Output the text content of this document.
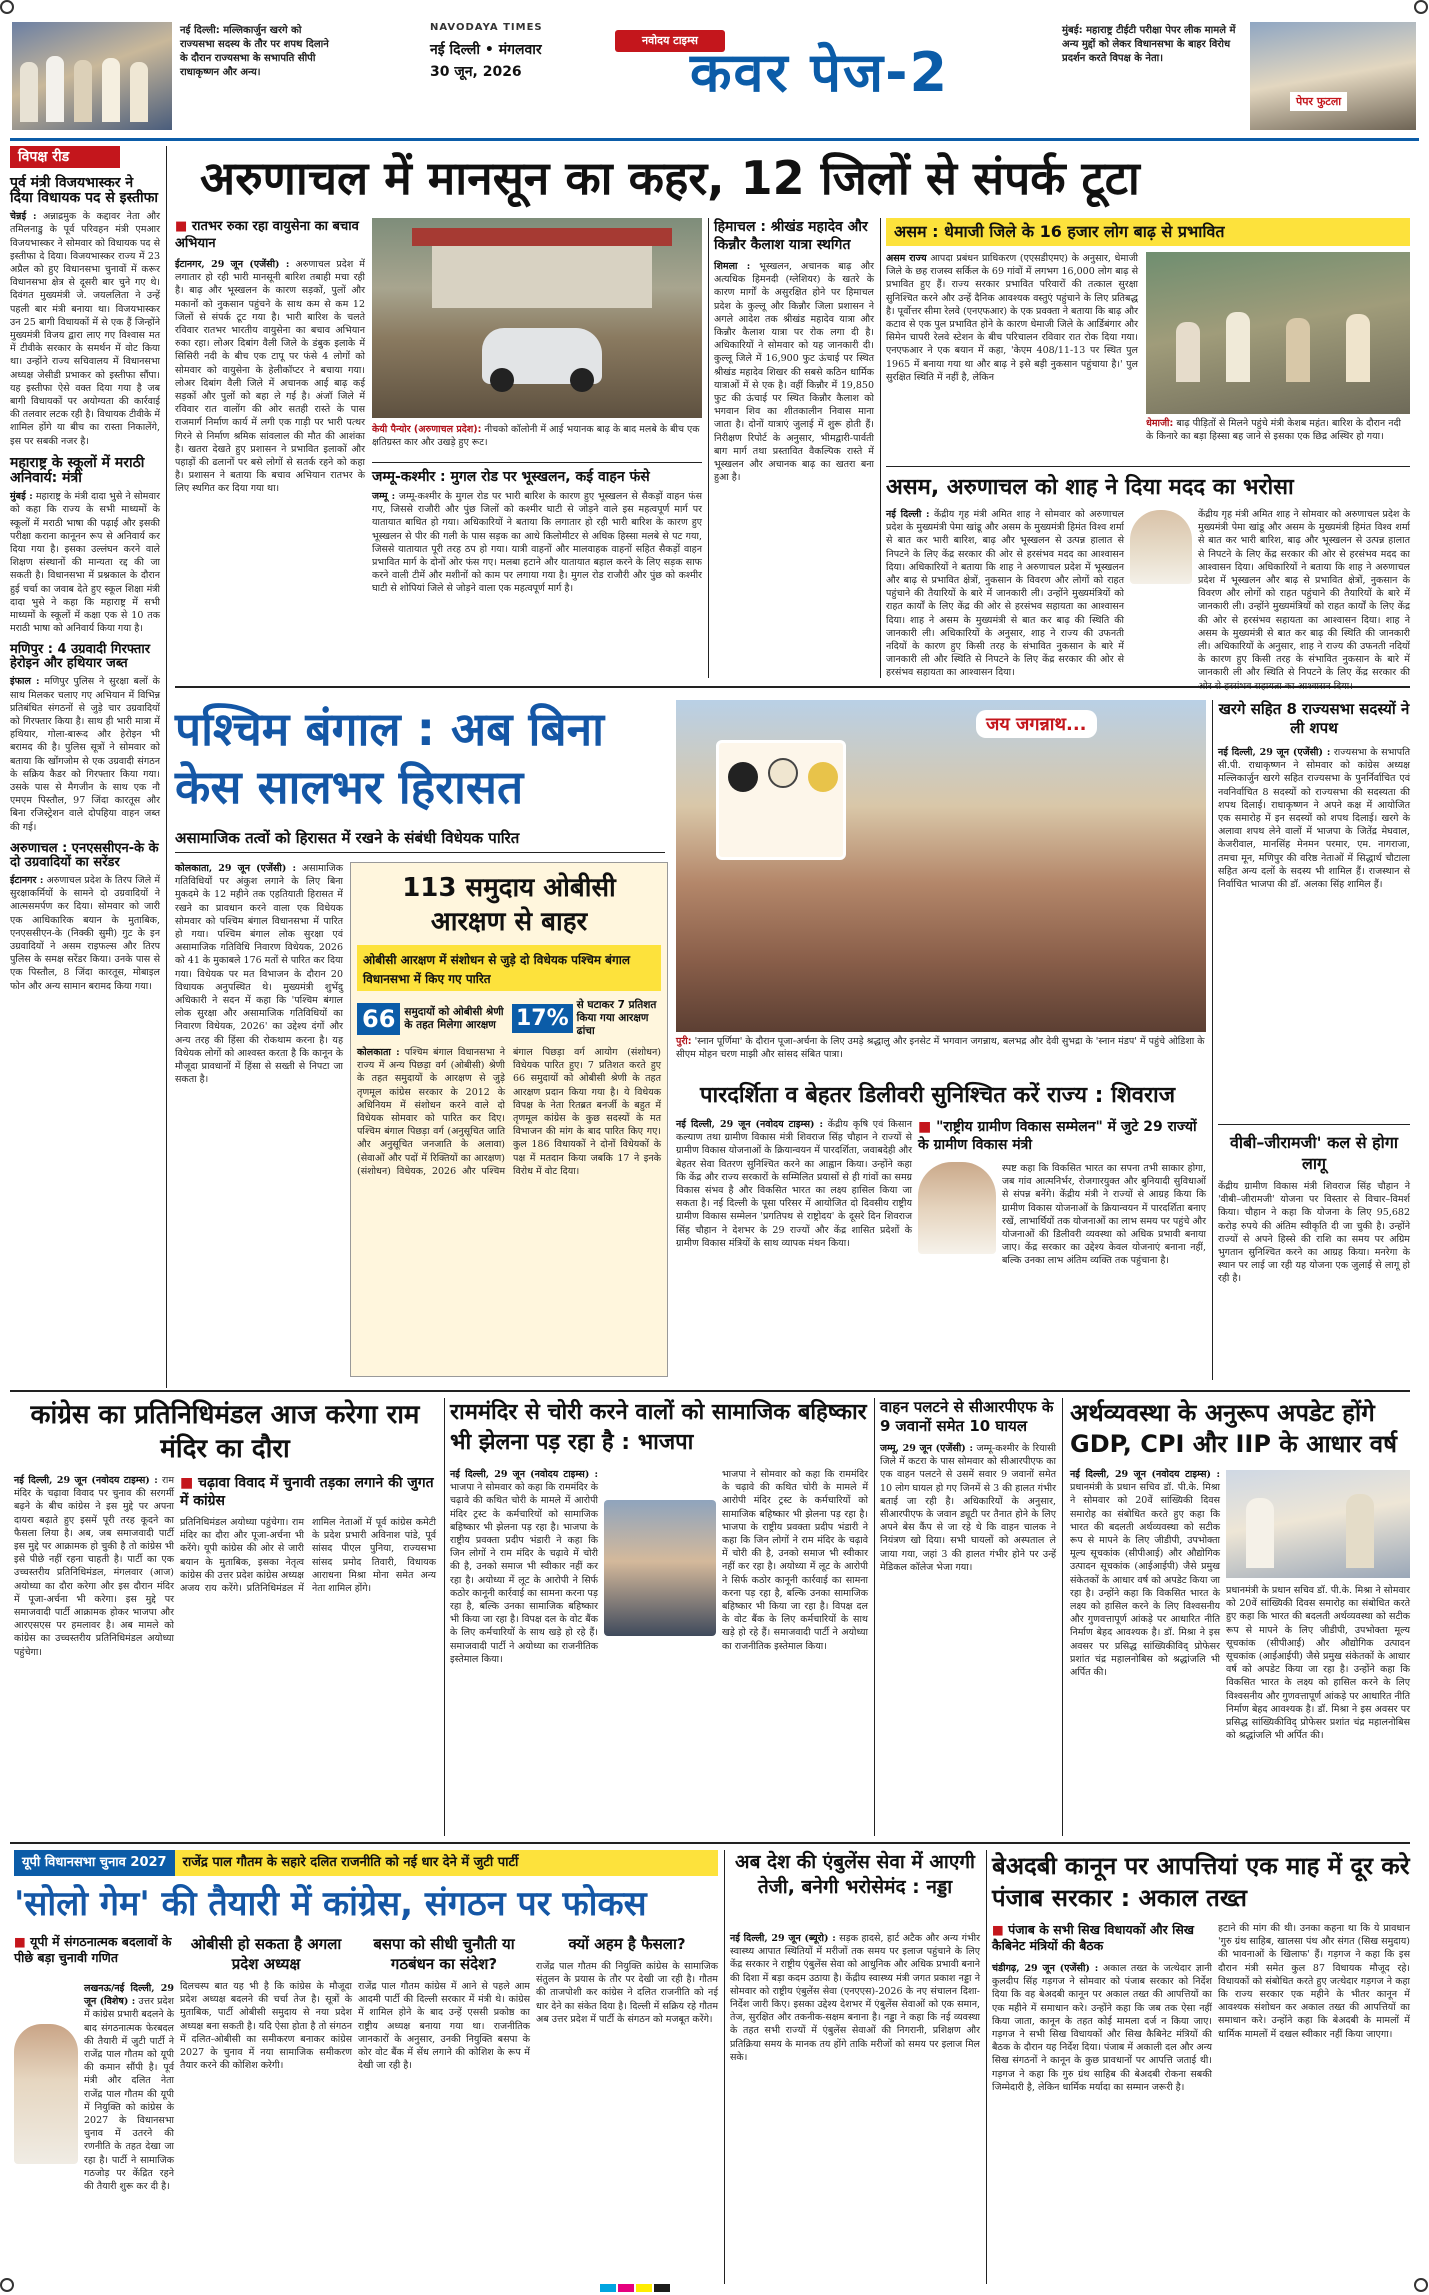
नई दिल्ली: मल्लिकार्जुन खरगे को राज्यसभा सदस्य के तौर पर शपथ दिलाने के दौरान राज्यसभा के सभापति सीपी राधाकृष्णन और अन्य।
NAVODAYA TIMES
नई दिल्ली • मंगलवार
30 जून, 2026
नवोदय टाइम्स
कवर पेज-2
मुंबई: महाराष्ट्र टीईटी परीक्षा पेपर लीक मामले में अन्य मुद्दों को लेकर विधानसभा के बाहर विरोध प्रदर्शन करते विपक्ष के नेता।
पेपर फुटला
विपक्ष रीड
पूर्व मंत्री विजयभास्कर ने दिया विधायक पद से इस्तीफा
चेन्नई : अन्नाद्रमुक के कद्दावर नेता और तमिलनाडु के पूर्व परिवहन मंत्री एमआर विजयभास्कर ने सोमवार को विधायक पद से इस्तीफा दे दिया। विजयभास्कर राज्य में 23 अप्रैल को हुए विधानसभा चुनावों में करूर विधानसभा क्षेत्र से दूसरी बार चुने गए थे। दिवंगत मुख्यमंत्री जे. जयललिता ने उन्हें पहली बार मंत्री बनाया था। विजयभास्कर उन 25 बागी विधायकों में से एक हैं जिन्होंने मुख्यमंत्री विजय द्वारा लाए गए विश्वास मत में टीवीके सरकार के समर्थन में वोट किया था। उन्होंने राज्य सचिवालय में विधानसभा अध्यक्ष जेसीडी प्रभाकर को इस्तीफा सौंपा। यह इस्तीफा ऐसे वक्त दिया गया है जब बागी विधायकों पर अयोग्यता की कार्रवाई की तलवार लटक रही है। विधायक टीवीके में शामिल होंगे या बीच का रास्ता निकालेंगे, इस पर सबकी नजर है।
महाराष्ट्र के स्कूलों में मराठी अनिवार्य: मंत्री
मुंबई : महाराष्ट्र के मंत्री दादा भुसे ने सोमवार को कहा कि राज्य के सभी माध्यमों के स्कूलों में मराठी भाषा की पढ़ाई और इसकी परीक्षा कराना कानूनन रूप से अनिवार्य कर दिया गया है। इसका उल्लंघन करने वाले शिक्षण संस्थानों की मान्यता रद्द की जा सकती है। विधानसभा में प्रश्नकाल के दौरान हुई चर्चा का जवाब देते हुए स्कूल शिक्षा मंत्री दादा भुसे ने कहा कि महाराष्ट्र में सभी माध्यमों के स्कूलों में कक्षा एक से 10 तक मराठी भाषा को अनिवार्य किया गया है।
मणिपुर : 4 उग्रवादी गिरफ्तार हेरोइन और हथियार जब्त
इंफाल : मणिपुर पुलिस ने सुरक्षा बलों के साथ मिलकर चलाए गए अभियान में विभिन्न प्रतिबंधित संगठनों से जुड़े चार उग्रवादियों को गिरफ्तार किया है। साथ ही भारी मात्रा में हथियार, गोला-बारूद और हेरोइन भी बरामद की है। पुलिस सूत्रों ने सोमवार को बताया कि खोंगजोम से एक उग्रवादी संगठन के सक्रिय कैडर को गिरफ्तार किया गया। उसके पास से मैगजीन के साथ एक नौ एमएम पिस्तौल, 97 जिंदा कारतूस और बिना रजिस्ट्रेशन वाले दोपहिया वाहन जब्त की गई।
अरुणाचल : एनएससीएन-के के दो उग्रवादियों का सरेंडर
ईटानगर : अरुणाचल प्रदेश के तिरप जिले में सुरक्षाकर्मियों के सामने दो उग्रवादियों ने आत्मसमर्पण कर दिया। सोमवार को जारी एक आधिकारिक बयान के मुताबिक, एनएससीएन-के (निक्की सुमी) गुट के इन उग्रवादियों ने असम राइफल्स और तिरप पुलिस के समक्ष सरेंडर किया। उनके पास से एक पिस्तौल, 8 जिंदा कारतूस, मोबाइल फोन और अन्य सामान बरामद किया गया।
अरुणाचल में मानसून का कहर, 12 जिलों से संपर्क टूटा
■ रातभर रुका रहा वायुसेना का बचाव अभियान
ईटानगर, 29 जून (एजेंसी) : अरुणाचल प्रदेश में लगातार हो रही भारी मानसूनी बारिश तबाही मचा रही है। बाढ़ और भूस्खलन के कारण सड़कों, पुलों और मकानों को नुकसान पहुंचने के साथ कम से कम 12 जिलों से संपर्क टूट गया है। भारी बारिश के चलते रविवार रातभर भारतीय वायुसेना का बचाव अभियान रुका रहा। लोअर दिबांग वैली जिले के डंबुक इलाके में सिसिरी नदी के बीच एक टापू पर फंसे 4 लोगों को सोमवार को वायुसेना के हेलीकॉप्टर ने बचाया गया। लोअर दिबांग वैली जिले में अचानक आई बाढ़ कई सड़कों और पुलों को बहा ले गई है। अंजॉ जिले में रविवार रात वालोंग की ओर सतही रास्ते के पास राजमार्ग निर्माण कार्य में लगी एक गाड़ी पर भारी पत्थर गिरने से निर्माण श्रमिक सांवलाल की मौत की आशंका है। खतरा देखते हुए प्रशासन ने प्रभावित इलाकों और पहाड़ों की ढलानों पर बसे लोगों से सतर्क रहने को कहा है। प्रशासन ने बताया कि बचाव अभियान रातभर के लिए स्थगित कर दिया गया था।
केयी पैन्योर (अरुणाचल प्रदेश): नीचको कॉलोनी में आई भयानक बाढ़ के बाद मलबे के बीच एक क्षतिग्रस्त कार और उखड़े हुए रूट।
जम्मू-कश्मीर : मुगल रोड पर भूस्खलन, कई वाहन फंसे
जम्मू : जम्मू-कश्मीर के मुगल रोड पर भारी बारिश के कारण हुए भूस्खलन से सैकड़ों वाहन फंस गए, जिससे राजौरी और पुंछ जिलों को कश्मीर घाटी से जोड़ने वाले इस महत्वपूर्ण मार्ग पर यातायात बाधित हो गया। अधिकारियों ने बताया कि लगातार हो रही भारी बारिश के कारण हुए भूस्खलन से पीर की गली के पास सड़क का आधे किलोमीटर से अधिक हिस्सा मलबे से पट गया, जिससे यातायात पूरी तरह ठप हो गया। यात्री वाहनों और मालवाहक वाहनों सहित सैकड़ों वाहन प्रभावित मार्ग के दोनों ओर फंस गए। मलबा हटाने और यातायात बहाल करने के लिए सड़क साफ करने वाली टीमें और मशीनों को काम पर लगाया गया है। मुगल रोड राजौरी और पुंछ को कश्मीर घाटी से शोपियां जिले से जोड़ने वाला एक महत्वपूर्ण मार्ग है।
हिमाचल : श्रीखंड महादेव और किन्नौर कैलाश यात्रा स्थगित
शिमला : भूस्खलन, अचानक बाढ़ और अत्यधिक हिमनदी (ग्लेशियर) के खतरे के कारण मार्गों के असुरक्षित होने पर हिमाचल प्रदेश के कुल्लू और किन्नौर जिला प्रशासन ने अगले आदेश तक श्रीखंड महादेव यात्रा और किन्नौर कैलाश यात्रा पर रोक लगा दी है। अधिकारियों ने सोमवार को यह जानकारी दी। कुल्लू जिले में 16,900 फुट ऊंचाई पर स्थित श्रीखंड महादेव शिखर की सबसे कठिन धार्मिक यात्राओं में से एक है। वहीं किन्नौर में 19,850 फुट की ऊंचाई पर स्थित किन्नौर कैलाश को भगवान शिव का शीतकालीन निवास माना जाता है। दोनों यात्राएं जुलाई में शुरू होती हैं। निरीक्षण रिपोर्ट के अनुसार, भीमद्वारी-पार्वती बाग मार्ग तथा प्रस्तावित वैकल्पिक रास्ते में भूस्खलन और अचानक बाढ़ का खतरा बना हुआ है।
असम : धेमाजी जिले के 16 हजार लोग बाढ़ से प्रभावित
असम राज्य आपदा प्रबंधन प्राधिकरण (एएसडीएमए) के अनुसार, धेमाजी जिले के छह राजस्व सर्किल के 69 गांवों में लगभग 16,000 लोग बाढ़ से प्रभावित हुए हैं। राज्य सरकार प्रभावित परिवारों की तत्काल सुरक्षा सुनिश्चित करने और उन्हें दैनिक आवश्यक वस्तुएं पहुंचाने के लिए प्रतिबद्ध है। पूर्वोत्तर सीमा रेलवे (एनएफआर) के एक प्रवक्ता ने बताया कि बाढ़ और कटाव से एक पुल प्रभावित होने के कारण धेमाजी जिले के आर्डिबंगार और सिमेन चापरी रेलवे स्टेशन के बीच परिचालन रविवार रात रोक दिया गया। एनएफआर ने एक बयान में कहा, 'केएम 408/11-13 पर स्थित पुल 1965 में बनाया गया था और बाढ़ ने इसे बड़ी नुकसान पहुंचाया है।' पुल सुरक्षित स्थिति में नहीं है, लेकिन
धेमाजी: बाढ़ पीड़ितों से मिलने पहुंचे मंत्री केशब महंत। बारिश के दौरान नदी के किनारे का बड़ा हिस्सा बह जाने से इसका एक छिद्र अस्थिर हो गया।
असम, अरुणाचल को शाह ने दिया मदद का भरोसा
नई दिल्ली : केंद्रीय गृह मंत्री अमित शाह ने सोमवार को अरुणाचल प्रदेश के मुख्यमंत्री पेमा खांडू और असम के मुख्यमंत्री हिमंत विश्व शर्मा से बात कर भारी बारिश, बाढ़ और भूस्खलन से उत्पन्न हालात से निपटने के लिए केंद्र सरकार की ओर से हरसंभव मदद का आश्वासन दिया। अधिकारियों ने बताया कि शाह ने अरुणाचल प्रदेश में भूस्खलन और बाढ़ से प्रभावित क्षेत्रों, नुकसान के विवरण और लोगों को राहत पहुंचाने की तैयारियों के बारे में जानकारी ली। उन्होंने मुख्यमंत्रियों को राहत कार्यों के लिए केंद्र की ओर से हरसंभव सहायता का आश्वासन दिया। शाह ने असम के मुख्यमंत्री से बात कर बाढ़ की स्थिति की जानकारी ली। अधिकारियों के अनुसार, शाह ने राज्य की उफनती नदियों के कारण हुए किसी तरह के संभावित नुकसान के बारे में जानकारी ली और स्थिति से निपटने के लिए केंद्र सरकार की ओर से हरसंभव सहायता का आश्वासन दिया।
केंद्रीय गृह मंत्री अमित शाह ने सोमवार को अरुणाचल प्रदेश के मुख्यमंत्री पेमा खांडू और असम के मुख्यमंत्री हिमंत विश्व शर्मा से बात कर भारी बारिश, बाढ़ और भूस्खलन से उत्पन्न हालात से निपटने के लिए केंद्र सरकार की ओर से हरसंभव मदद का आश्वासन दिया। अधिकारियों ने बताया कि शाह ने अरुणाचल प्रदेश में भूस्खलन और बाढ़ से प्रभावित क्षेत्रों, नुकसान के विवरण और लोगों को राहत पहुंचाने की तैयारियों के बारे में जानकारी ली। उन्होंने मुख्यमंत्रियों को राहत कार्यों के लिए केंद्र की ओर से हरसंभव सहायता का आश्वासन दिया। शाह ने असम के मुख्यमंत्री से बात कर बाढ़ की स्थिति की जानकारी ली। अधिकारियों के अनुसार, शाह ने राज्य की उफनती नदियों के कारण हुए किसी तरह के संभावित नुकसान के बारे में जानकारी ली और स्थिति से निपटने के लिए केंद्र सरकार की
पश्चिम बंगाल : अब बिना केस सालभर हिरासत
असामाजिक तत्वों को हिरासत में रखने के संबंधी विधेयक पारित
कोलकाता, 29 जून (एजेंसी) : असामाजिक गतिविधियों पर अंकुश लगाने के लिए बिना मुकदमे के 12 महीने तक एहतियाती हिरासत में रखने का प्रावधान करने वाला एक विधेयक सोमवार को पश्चिम बंगाल विधानसभा में पारित हो गया। पश्चिम बंगाल लोक सुरक्षा एवं असामाजिक गतिविधि निवारण विधेयक, 2026 को 41 के मुकाबले 176 मतों से पारित कर दिया गया। विधेयक पर मत विभाजन के दौरान 20 विधायक अनुपस्थित थे। मुख्यमंत्री शुभेंदु अधिकारी ने सदन में कहा कि 'पश्चिम बंगाल लोक सुरक्षा और असामाजिक गतिविधियों का निवारण विधेयक, 2026' का उद्देश्य दंगों और अन्य तरह की हिंसा की रोकथाम करना है। यह विधेयक लोगों को आश्वस्त करता है कि कानून के मौजूदा प्रावधानों में हिंसा से सख्ती से निपटा जा सकता है।
113 समुदाय ओबीसी आरक्षण से बाहर
ओबीसी आरक्षण में संशोधन से जुड़े दो विधेयक पश्चिम बंगाल विधानसभा में किए गए पारित
66 समुदायों को ओबीसी श्रेणी के तहत मिलेगा आरक्षण 17%
से घटाकर 7 प्रतिशत किया गया आरक्षण ढांचा
कोलकाता : पश्चिम बंगाल विधानसभा ने राज्य में अन्य पिछड़ा वर्ग (ओबीसी) श्रेणी के तहत समुदायों के आरक्षण से जुड़े तृणमूल कांग्रेस सरकार के 2012 के अधिनियम में संशोधन करने वाले दो विधेयक सोमवार को पारित कर दिए। पश्चिम बंगाल पिछड़ा वर्ग (अनुसूचित जाति और अनुसूचित जनजाति के अलावा) (सेवाओं और पदों में रिक्तियों का आरक्षण) (संशोधन) विधेयक, 2026 और पश्चिम बंगाल पिछड़ा वर्ग आयोग (संशोधन) विधेयक पारित हुए। 7 प्रतिशत करते हुए 66 समुदायों को ओबीसी श्रेणी के तहत आरक्षण प्रदान किया गया है। ये विधेयक विपक्ष के नेता रितब्रत बनर्जी के बहुत में तृणमूल कांग्रेस के कुछ सदस्यों के मत विभाजन की मांग के बाद पारित किए गए। कुल 186 विधायकों ने दोनों विधेयकों के पक्ष में मतदान किया जबकि 17 ने इनके विरोध में वोट दिया।
जय जगन्नाथ...
पुरी: 'स्नान पूर्णिमा' के दौरान पूजा-अर्चना के लिए उमड़े श्रद्धालु और इनसेट में भगवान जगन्नाथ, बलभद्र और देवी सुभद्रा के 'स्नान मंडप' में पहुंचे ओडिशा के सीएम मोहन चरण माझी और सांसद संबित पात्रा।
खरगे सहित 8 राज्यसभा सदस्यों ने ली शपथ
नई दिल्ली, 29 जून (एजेंसी) : राज्यसभा के सभापति सी.पी. राधाकृष्णन ने सोमवार को कांग्रेस अध्यक्ष मल्लिकार्जुन खरगे सहित राज्यसभा के पुनर्निर्वाचित एवं नवनिर्वाचित 8 सदस्यों को राज्यसभा की सदस्यता की शपथ दिलाई। राधाकृष्णन ने अपने कक्ष में आयोजित एक समारोह में इन सदस्यों को शपथ दिलाई। खरगे के अलावा शपथ लेने वालों में भाजपा के जितेंद्र मेघवाल, केजरीवाल, मानसिंह मेनमन परमार, एम. नागराजा, तमचा मून, मणिपुर की वरिष्ठ नेताओं में सिद्धार्थ चौटाला सहित अन्य दलों के सदस्य भी शामिल हैं। राजस्थान से निर्वाचित भाजपा की डॉ. अलका सिंह शामिल हैं।
पारदर्शिता व बेहतर डिलीवरी सुनिश्चित करें राज्य : शिवराज
नई दिल्ली, 29 जून (नवोदय टाइम्स) : केंद्रीय कृषि एवं किसान कल्याण तथा ग्रामीण विकास मंत्री शिवराज सिंह चौहान ने राज्यों से ग्रामीण विकास योजनाओं के क्रियान्वयन में पारदर्शिता, जवाबदेही और बेहतर सेवा वितरण सुनिश्चित करने का आह्वान किया। उन्होंने कहा कि केंद्र और राज्य सरकारों के सम्मिलित प्रयासों से ही गांवों का समग्र विकास संभव है और विकसित भारत का लक्ष्य हासिल किया जा सकता है। नई दिल्ली के पूसा परिसर में आयोजित दो दिवसीय राष्ट्रीय ग्रामीण विकास सम्मेलन 'प्रगतिपथ से राष्ट्रोदय' के दूसरे दिन शिवराज सिंह चौहान ने देशभर के 29 राज्यों और केंद्र शासित प्रदेशों के ग्रामीण विकास मंत्रियों के साथ व्यापक मंथन किया।
■ "राष्ट्रीय ग्रामीण विकास सम्मेलन" में जुटे 29 राज्यों के ग्रामीण विकास मंत्री
स्पष्ट कहा कि विकसित भारत का सपना तभी साकार होगा, जब गांव आत्मनिर्भर, रोजगारयुक्त और बुनियादी सुविधाओं से संपन्न बनेंगे। केंद्रीय मंत्री ने राज्यों से आग्रह किया कि ग्रामीण विकास योजनाओं के क्रियान्वयन में पारदर्शिता बनाए रखें, लाभार्थियों तक योजनाओं का लाभ समय पर पहुंचे और योजनाओं की डिलीवरी व्यवस्था को अधिक प्रभावी बनाया जाए। केंद्र सरकार का उद्देश्य केवल योजनाएं बनाना नहीं, बल्कि उनका लाभ अंतिम व्यक्ति तक पहुंचाना है।
वीबी–जीरामजी' कल से होगा लागू
केंद्रीय ग्रामीण विकास मंत्री शिवराज सिंह चौहान ने 'वीबी–जीरामजी' योजना पर विस्तार से विचार–विमर्श किया। चौहान ने कहा कि योजना के लिए 95,682 करोड़ रुपये की अंतिम स्वीकृति दी जा चुकी है। उन्होंने राज्यों से अपने हिस्से की राशि का समय पर अग्रिम भुगतान सुनिश्चित करने का आग्रह किया। मनरेगा के स्थान पर लाई जा रही यह योजना एक जुलाई से लागू हो रही है।
कांग्रेस का प्रतिनिधिमंडल आज करेगा राम मंदिर का दौरा
नई दिल्ली, 29 जून (नवोदय टाइम्स) : राम मंदिर के चढ़ावा विवाद पर चुनाव की सरगर्मी बढ़ने के बीच कांग्रेस ने इस मुद्दे पर अपना दायरा बढ़ाते हुए इसमें पूरी तरह कूदने का फैसला लिया है। अब, जब समाजवादी पार्टी इस मुद्दे पर आक्रामक हो चुकी है तो कांग्रेस भी इसे पीछे नहीं रहना चाहती है। पार्टी का एक उच्चस्तरीय प्रतिनिधिमंडल, मंगलवार (आज) अयोध्या का दौरा करेगा और इस दौरान मंदिर में पूजा-अर्चना भी करेगा। इस मुद्दे पर समाजवादी पार्टी आक्रामक होकर भाजपा और आरएसएस पर हमलावर है। अब मामले को कांग्रेस का उच्चस्तरीय प्रतिनिधिमंडल अयोध्या पहुंचेगा।
■ चढ़ावा विवाद में चुनावी तड़का लगाने की जुगत में कांग्रेस
प्रतिनिधिमंडल अयोध्या पहुंचेगा। राम मंदिर का दौरा और पूजा-अर्चना भी करेंगे। यूपी कांग्रेस की ओर से जारी बयान के मुताबिक, इसका नेतृत्व कांग्रेस की उत्तर प्रदेश कांग्रेस अध्यक्ष अजय राय करेंगे। प्रतिनिधिमंडल में शामिल नेताओं में पूर्व कांग्रेस कमेटी के प्रदेश प्रभारी अविनाश पांडे, पूर्व सांसद पीएल पुनिया, राज्यसभा सांसद प्रमोद तिवारी, विधायक आराधना मिश्रा मोना समेत अन्य नेता शामिल होंगे।
राममंदिर से चोरी करने वालों को सामाजिक बहिष्कार भी झेलना पड़ रहा है : भाजपा
नई दिल्ली, 29 जून (नवोदय टाइम्स) : भाजपा ने सोमवार को कहा कि राममंदिर के चढ़ावे की कथित चोरी के मामले में आरोपी मंदिर ट्रस्ट के कर्मचारियों को सामाजिक बहिष्कार भी झेलना पड़ रहा है। भाजपा के राष्ट्रीय प्रवक्ता प्रदीप भंडारी ने कहा कि जिन लोगों ने राम मंदिर के चढ़ावे में चोरी की है, उनको समाज भी स्वीकार नहीं कर रहा है। अयोध्या में लूट के आरोपी ने सिर्फ कठोर कानूनी कार्रवाई का सामना करना पड़ रहा है, बल्कि उनका सामाजिक बहिष्कार भी किया जा रहा है। विपक्ष दल के वोट बैंक के लिए कर्मचारियों के साथ खड़े हो रहे हैं। समाजवादी पार्टी ने अयोध्या का राजनीतिक इस्तेमाल किया।
भाजपा ने सोमवार को कहा कि राममंदिर के चढ़ावे की कथित चोरी के मामले में आरोपी मंदिर ट्रस्ट के कर्मचारियों को सामाजिक बहिष्कार भी झेलना पड़ रहा है। भाजपा के राष्ट्रीय प्रवक्ता प्रदीप भंडारी ने कहा कि जिन लोगों ने राम मंदिर के चढ़ावे में चोरी की है, उनको समाज भी स्वीकार नहीं कर रहा है। अयोध्या में लूट के आरोपी ने सिर्फ कठोर कानूनी कार्रवाई का सामना करना पड़ रहा है, बल्कि उनका सामाजिक बहिष्कार भी किया जा रहा है। विपक्ष दल के वोट बैंक के लिए कर्मचारियों के साथ खड़े हो रहे हैं। समाजवादी पार्टी ने अयोध्या का राजनीतिक इस्तेमाल किया।
वाहन पलटने से सीआरपीएफ के 9 जवानों समेत 10 घायल
जम्मू, 29 जून (एजेंसी) : जम्मू-कश्मीर के रियासी जिले में कटरा के पास सोमवार को सीआरपीएफ का एक वाहन पलटने से उसमें सवार 9 जवानों समेत 10 लोग घायल हो गए जिनमें से 3 की हालत गंभीर बताई जा रही है। अधिकारियों के अनुसार, सीआरपीएफ के जवान ड्यूटी पर तैनात होने के लिए अपने बेस कैंप से जा रहे थे कि वाहन चालक ने नियंत्रण खो दिया। सभी घायलों को अस्पताल ले जाया गया, जहां 3 की हालत गंभीर होने पर उन्हें मेडिकल कॉलेज भेजा गया।
अर्थव्यवस्था के अनुरूप अपडेट होंगे GDP, CPI और IIP के आधार वर्ष
नई दिल्ली, 29 जून (नवोदय टाइम्स) : प्रधानमंत्री के प्रधान सचिव डॉ. पी.के. मिश्रा ने सोमवार को 20वें सांख्यिकी दिवस समारोह का संबोधित करते हुए कहा कि भारत की बदलती अर्थव्यवस्था को सटीक रूप से मापने के लिए जीडीपी, उपभोक्ता मूल्य सूचकांक (सीपीआई) और औद्योगिक उत्पादन सूचकांक (आईआईपी) जैसे प्रमुख संकेतकों के आधार वर्ष को अपडेट किया जा रहा है। उन्होंने कहा कि विकसित भारत के लक्ष्य को हासिल करने के लिए विश्वसनीय और गुणवत्तापूर्ण आंकड़े पर आधारित नीति निर्माण बेहद आवश्यक है। डॉ. मिश्रा ने इस अवसर पर प्रसिद्ध सांख्यिकीविद् प्रोफेसर प्रशांत चंद्र महालनोबिस को श्रद्धांजलि भी अर्पित की।
प्रधानमंत्री के प्रधान सचिव डॉ. पी.के. मिश्रा ने सोमवार को 20वें सांख्यिकी दिवस समारोह का संबोधित करते हुए कहा कि भारत की बदलती अर्थव्यवस्था को सटीक रूप से मापने के लिए जीडीपी, उपभोक्ता मूल्य सूचकांक (सीपीआई) और औद्योगिक उत्पादन सूचकांक (आईआईपी) जैसे प्रमुख संकेतकों के आधार वर्ष को अपडेट किया जा रहा है। उन्होंने कहा कि विकसित भारत के लक्ष्य को हासिल करने के लिए विश्वसनीय और गुणवत्तापूर्ण आंकड़े पर आधारित नीति निर्माण बेहद आवश्यक है। डॉ. मिश्रा ने इस अवसर पर प्रसिद्ध सांख्यिकीविद् प्रोफेसर प्रशांत चंद्र महालनोबिस को श्रद्धांजलि भी अर्पित की।
यूपी विधानसभा चुनाव 2027	राजेंद्र पाल गौतम के सहारे दलित राजनीति को नई धार देने में जुटी पार्टी
'सोलो गेम' की तैयारी में कांग्रेस, संगठन पर फोकस
■ यूपी में संगठनात्मक बदलावों के पीछे बड़ा चुनावी गणित
लखनऊ/नई दिल्ली, 29 जून (विशेष) : उत्तर प्रदेश में कांग्रेस प्रभारी बदलने के बाद संगठनात्मक फेरबदल की तैयारी में जुटी पार्टी ने राजेंद्र पाल गौतम को यूपी की कमान सौंपी है। पूर्व मंत्री और दलित नेता राजेंद्र पाल गौतम की यूपी में नियुक्ति को कांग्रेस के 2027 के विधानसभा चुनाव में उतरने की रणनीति के तहत देखा जा रहा है। पार्टी ने सामाजिक गठजोड़ पर केंद्रित रहने की तैयारी शुरू कर दी है।
ओबीसी हो सकता है अगला प्रदेश अध्यक्ष
दिलचस्प बात यह भी है कि कांग्रेस के मौजूदा प्रदेश अध्यक्ष बदलने की चर्चा तेज है। सूत्रों के मुताबिक, पार्टी ओबीसी समुदाय से नया प्रदेश अध्यक्ष बना सकती है। यदि ऐसा होता है तो संगठन में दलित-ओबीसी का समीकरण बनाकर कांग्रेस 2027 के चुनाव में नया सामाजिक समीकरण तैयार करने की कोशिश करेगी।
बसपा को सीधी चुनौती या गठबंधन का संदेश?
राजेंद्र पाल गौतम कांग्रेस में आने से पहले आम आदमी पार्टी की दिल्ली सरकार में मंत्री थे। कांग्रेस में शामिल होने के बाद उन्हें एससी प्रकोष्ठ का राष्ट्रीय अध्यक्ष बनाया गया था। राजनीतिक जानकारों के अनुसार, उनकी नियुक्ति बसपा के कोर वोट बैंक में सेंध लगाने की कोशिश के रूप में देखी जा रही है।
क्यों अहम है फैसला?
राजेंद्र पाल गौतम की नियुक्ति कांग्रेस के सामाजिक संतुलन के प्रयास के तौर पर देखी जा रही है। गौतम की ताजपोशी कर कांग्रेस ने दलित राजनीति को नई धार देने का संकेत दिया है। दिल्ली में सक्रिय रहे गौतम अब उत्तर प्रदेश में पार्टी के संगठन को मजबूत करेंगे।
अब देश की एंबुलेंस सेवा में आएगी तेजी, बनेगी भरोसेमंद : नड्डा
नई दिल्ली, 29 जून (ब्यूरो) : सड़क हादसे, हार्ट अटैक और अन्य गंभीर स्वास्थ्य आपात स्थितियों में मरीजों तक समय पर इलाज पहुंचाने के लिए केंद्र सरकार ने राष्ट्रीय एंबुलेंस सेवा को आधुनिक और अधिक प्रभावी बनाने की दिशा में बड़ा कदम उठाया है। केंद्रीय स्वास्थ्य मंत्री जगत प्रकाश नड्डा ने सोमवार को राष्ट्रीय एंबुलेंस सेवा (एनएएस)-2026 के नए संचालन दिशा-निर्देश जारी किए। इसका उद्देश्य देशभर में एंबुलेंस सेवाओं को एक समान, तेज, सुरक्षित और तकनीक-सक्षम बनाना है। नड्डा ने कहा कि नई व्यवस्था के तहत सभी राज्यों में एंबुलेंस सेवाओं की निगरानी, प्रशिक्षण और प्रतिक्रिया समय के मानक तय होंगे ताकि मरीजों को समय पर इलाज मिल सके।
बेअदबी कानून पर आपत्तियां एक माह में दूर करे पंजाब सरकार : अकाल तख्त
■ पंजाब के सभी सिख विधायकों और सिख कैबिनेट मंत्रियों की बैठक
चंडीगढ़, 29 जून (एजेंसी) : अकाल तख्त के जत्थेदार ज्ञानी कुलदीप सिंह गड़गज ने सोमवार को पंजाब सरकार को निर्देश दिया कि वह बेअदबी कानून पर अकाल तख्त की आपत्तियों का एक महीने में समाधान करे। उन्होंने कहा कि जब तक ऐसा नहीं किया जाता, कानून के तहत कोई मामला दर्ज न किया जाए। गड़गज ने सभी सिख विधायकों और सिख कैबिनेट मंत्रियों की बैठक के दौरान यह निर्देश दिया। पंजाब में अकाली दल और अन्य सिख संगठनों ने कानून के कुछ प्रावधानों पर आपत्ति जताई थी। गड़गज ने कहा कि गुरु ग्रंथ साहिब की बेअदबी रोकना सबकी जिम्मेदारी है, लेकिन धार्मिक मर्यादा का सम्मान जरूरी है।
हटाने की मांग की थी। उनका कहना था कि ये प्रावधान 'गुरु ग्रंथ साहिब, खालसा पंथ और संगत (सिख समुदाय) की भावनाओं के खिलाफ' हैं। गड़गज ने कहा कि इस दौरान मंत्री समेत कुल 87 विधायक मौजूद रहे। विधायकों को संबोधित करते हुए जत्थेदार गड़गज ने कहा कि राज्य सरकार एक महीने के भीतर कानून में आवश्यक संशोधन कर अकाल तख्त की आपत्तियों का समाधान करे। उन्होंने कहा कि बेअदबी के मामलों में धार्मिक मामलों में दखल स्वीकार नहीं किया जाएगा।
